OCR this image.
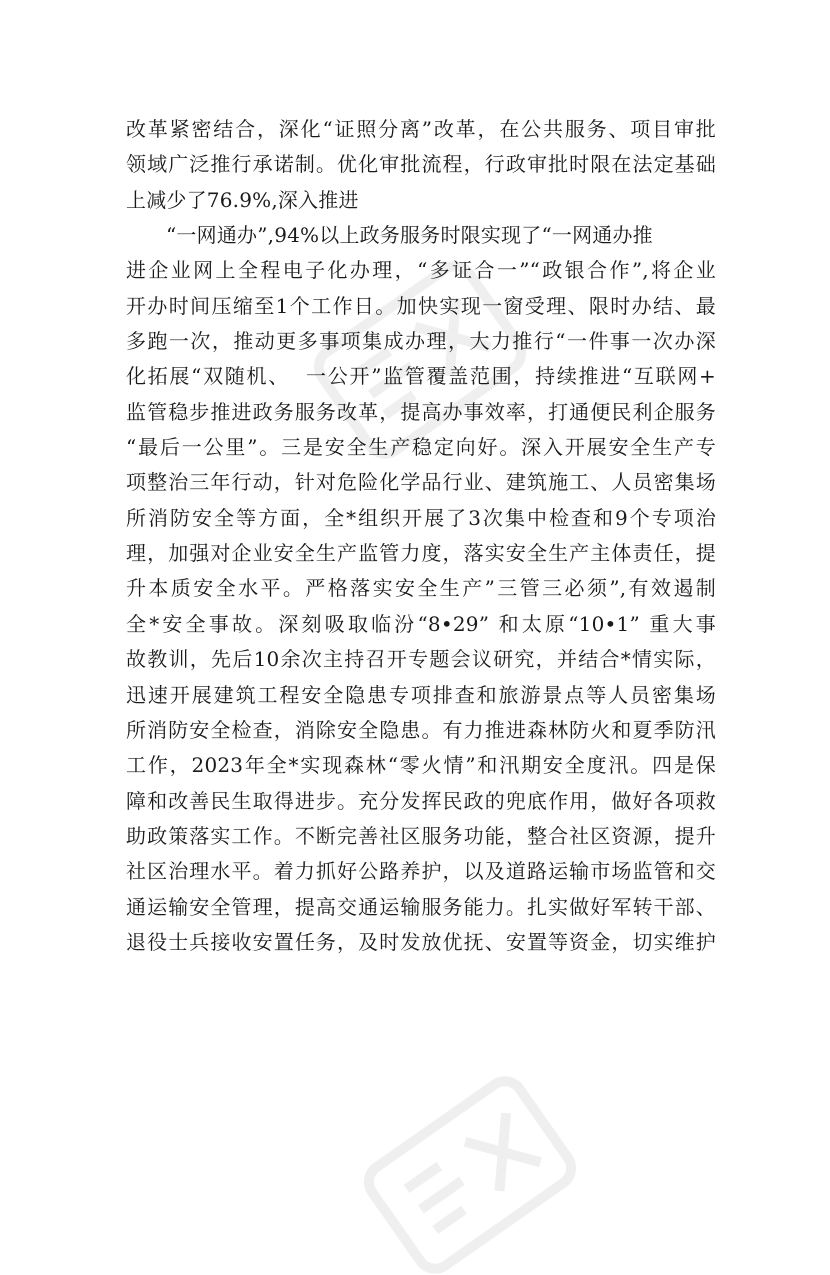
改革紧密结合，深化“证照分离”改革，在公共服务、项目审批
领域广泛推行承诺制。优化审批流程，行政审批时限在法定基础
上减少了76.9%,深入推进
“一网通办”,94%以上政务服务时限实现了“一网通办推
进企业网上全程电子化办理，“多证合一”“政银合作”,将企业
开办时间压缩至1个工作日。加快实现一窗受理、限时办结、最
多跑一次，推动更多事项集成办理，大力推行“一件事一次办深
化拓展“双随机、  一公开”监管覆盖范围，持续推进“互联网+
监管稳步推进政务服务改革，提高办事效率，打通便民利企服务
“最后一公里”。三是安全生产稳定向好。深入开展安全生产专
项整治三年行动，针对危险化学品行业、建筑施工、人员密集场
所消防安全等方面，全*组织开展了3次集中检查和9个专项治
理，加强对企业安全生产监管力度，落实安全生产主体责任，提
升本质安全水平。严格落实安全生产”三管三必须”,有效遏制
全*安全事故。深刻吸取临汾“8•29” 和太原“10•1” 重大事
故教训，先后10余次主持召开专题会议研究，并结合*情实际，
迅速开展建筑工程安全隐患专项排查和旅游景点等人员密集场
所消防安全检查，消除安全隐患。有力推进森林防火和夏季防汛
工作，2023年全*实现森林“零火情”和汛期安全度汛。四是保
障和改善民生取得进步。充分发挥民政的兜底作用，做好各项救
助政策落实工作。不断完善社区服务功能，整合社区资源，提升
社区治理水平。着力抓好公路养护，以及道路运输市场监管和交
通运输安全管理，提高交通运输服务能力。扎实做好军转干部、
退役士兵接收安置任务，及时发放优抚、安置等资金，切实维护
